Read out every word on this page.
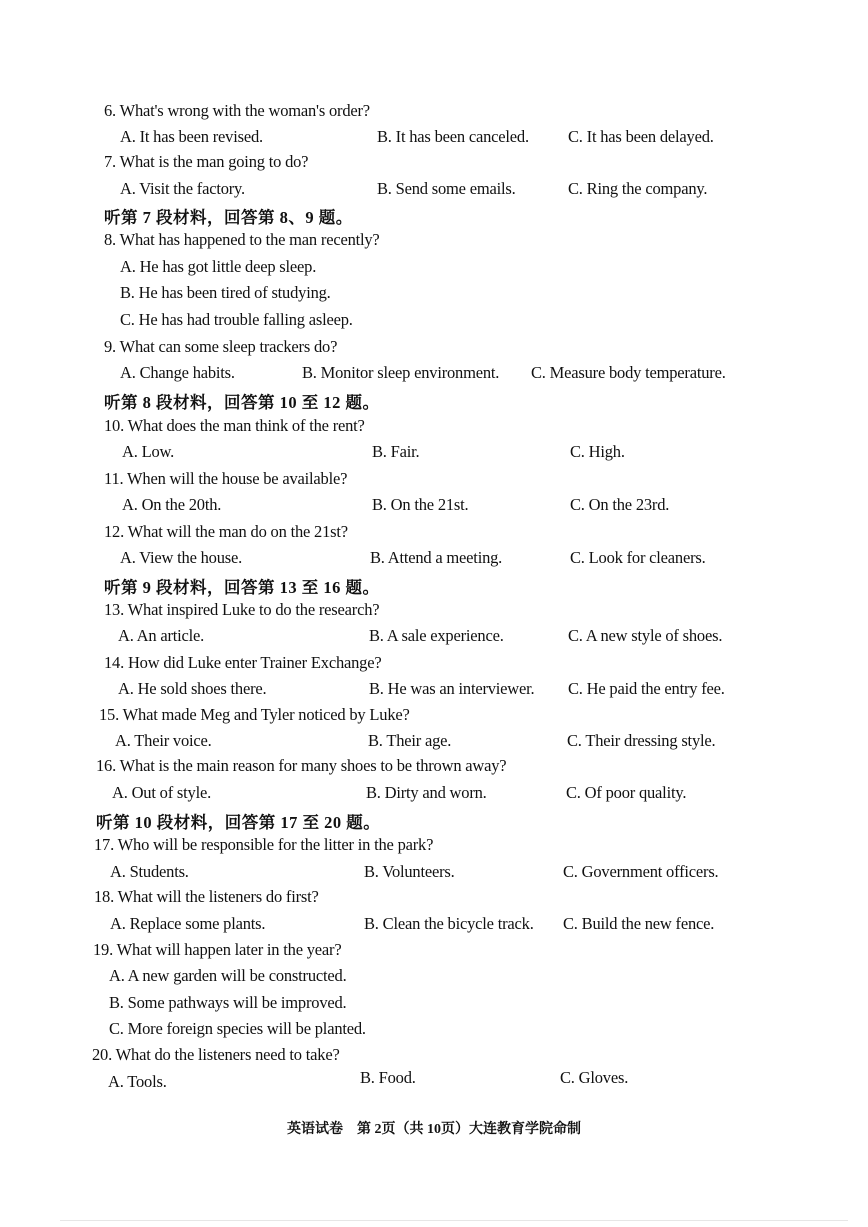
6. What's wrong with the woman's order?
A. It has been revised.	B. It has been canceled. C. It has been delayed.
7. What is the man going to do?
A. Visit the factory.	B. Send some emails.	C. Ring the company.
听第 7 段材料，回答第 8、9 题。
8. What has happened to the man recently?
A. He has got little deep sleep.
B. He has been tired of studying.
C. He has had trouble falling asleep.
9. What can some sleep trackers do?
A. Change habits.	B. Monitor sleep environment. C. Measure body temperature.
听第 8 段材料，回答第 10 至 12 题。
10. What does the man think of the rent?
A. Low.	B. Fair.	C. High.
11. When will the house be available?
A. On the 20th.	B. On the 21st.	C. On the 23rd.
12. What will the man do on the 21st?
A. View the house.	B. Attend a meeting.	C. Look for cleaners.
听第 9 段材料，回答第 13 至 16 题。
13. What inspired Luke to do the research?
A. An article.	B. A sale experience.	C. A new style of shoes.
14. How did Luke enter Trainer Exchange?
A. He sold shoes there.	B. He was an interviewer. C. He paid the entry fee.
15. What made Meg and Tyler noticed by Luke?
A. Their voice.	B. Their age.	C. Their dressing style.
16. What is the main reason for many shoes to be thrown away?
A. Out of style.	B. Dirty and worn.	C. Of poor quality.
听第 10 段材料，回答第 17 至 20 题。
17. Who will be responsible for the litter in the park?
A. Students.	B. Volunteers.	C. Government officers.
18. What will the listeners do first?
A. Replace some plants.	B. Clean the bicycle track. C. Build the new fence.
19. What will happen later in the year?
A. A new garden will be constructed.
B. Some pathways will be improved.
C. More foreign species will be planted.
20. What do the listeners need to take?
A. Tools.	B. Food.	C. Gloves.
英语试卷　第 2页（共 10页）大连教育学院命制
